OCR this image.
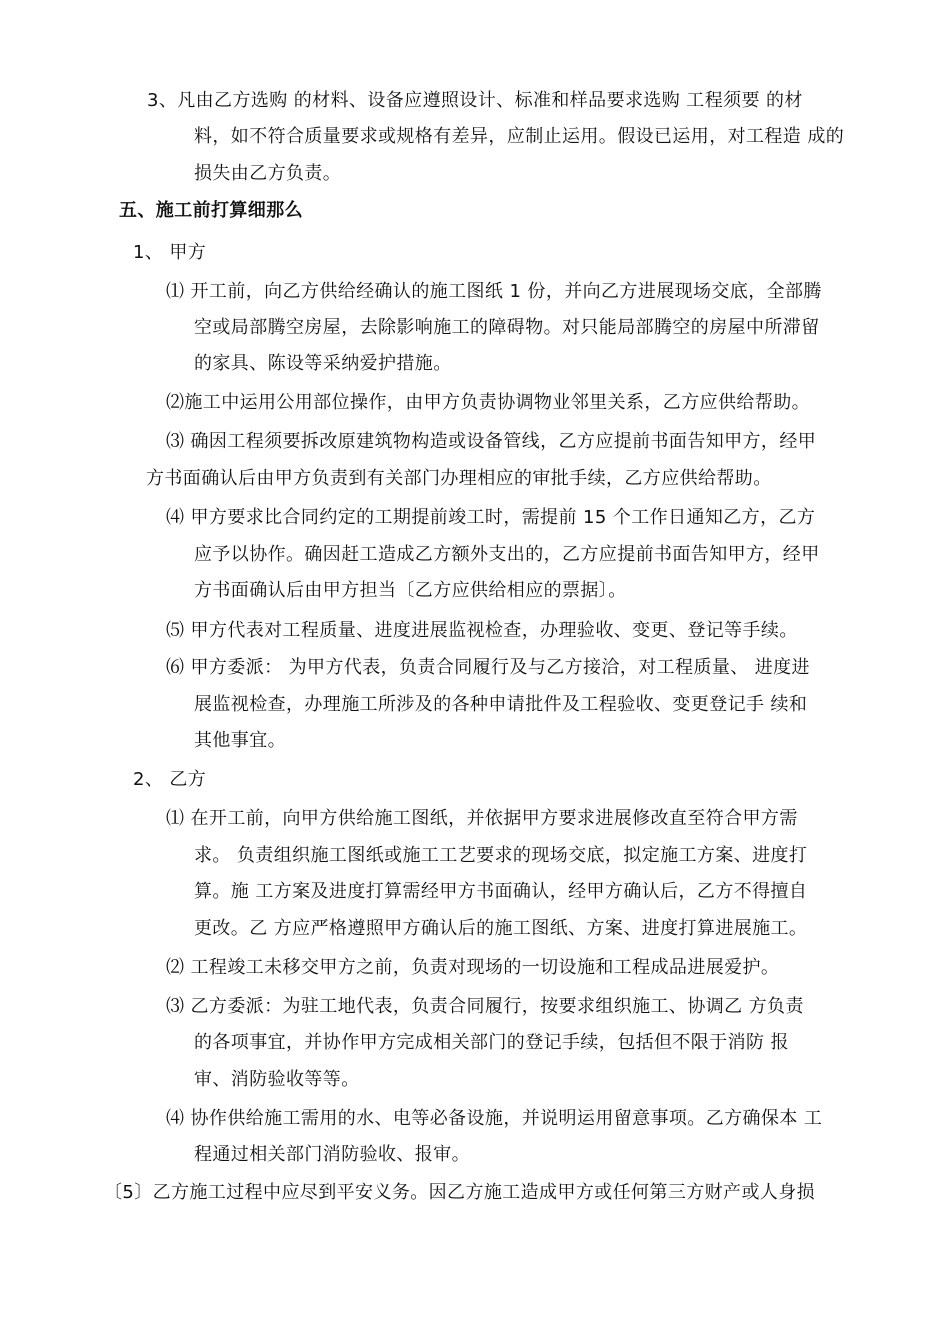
3、凡由乙方选购 的材料、设备应遵照设计、标准和样品要求选购 工程须要 的材
料，如不符合质量要求或规格有差异，应制止运用。假设已运用，对工程造 成的
损失由乙方负责。
五、施工前打算细那么
1、 甲方
⑴ 开工前，向乙方供给经确认的施工图纸 1 份，并向乙方进展现场交底，全部腾
空或局部腾空房屋，去除影响施工的障碍物。对只能局部腾空的房屋中所滞留
的家具、陈设等采纳爱护措施。
⑵施工中运用公用部位操作，由甲方负责协调物业邻里关系，乙方应供给帮助。
⑶ 确因工程须要拆改原建筑物构造或设备管线，乙方应提前书面告知甲方，经甲
方书面确认后由甲方负责到有关部门办理相应的审批手续，乙方应供给帮助。
⑷ 甲方要求比合同约定的工期提前竣工时，需提前 15 个工作日通知乙方，乙方
应予以协作。确因赶工造成乙方额外支出的，乙方应提前书面告知甲方，经甲
方书面确认后由甲方担当〔乙方应供给相应的票据〕。
⑸ 甲方代表对工程质量、进度进展监视检查，办理验收、变更、登记等手续。
⑹ 甲方委派： 为甲方代表，负责合同履行及与乙方接洽，对工程质量、 进度进
展监视检查，办理施工所涉及的各种申请批件及工程验收、变更登记手 续和
其他事宜。
2、 乙方
⑴ 在开工前，向甲方供给施工图纸，并依据甲方要求进展修改直至符合甲方需
求。 负责组织施工图纸或施工工艺要求的现场交底，拟定施工方案、进度打
算。施 工方案及进度打算需经甲方书面确认，经甲方确认后，乙方不得擅自
更改。乙 方应严格遵照甲方确认后的施工图纸、方案、进度打算进展施工。
⑵ 工程竣工未移交甲方之前，负责对现场的一切设施和工程成品进展爱护。
⑶ 乙方委派：为驻工地代表，负责合同履行，按要求组织施工、协调乙 方负责
的各项事宜，并协作甲方完成相关部门的登记手续，包括但不限于消防 报
审、消防验收等等。
⑷ 协作供给施工需用的水、电等必备设施，并说明运用留意事项。乙方确保本 工
程通过相关部门消防验收、报审。
〔5〕乙方施工过程中应尽到平安义务。因乙方施工造成甲方或任何第三方财产或人身损
